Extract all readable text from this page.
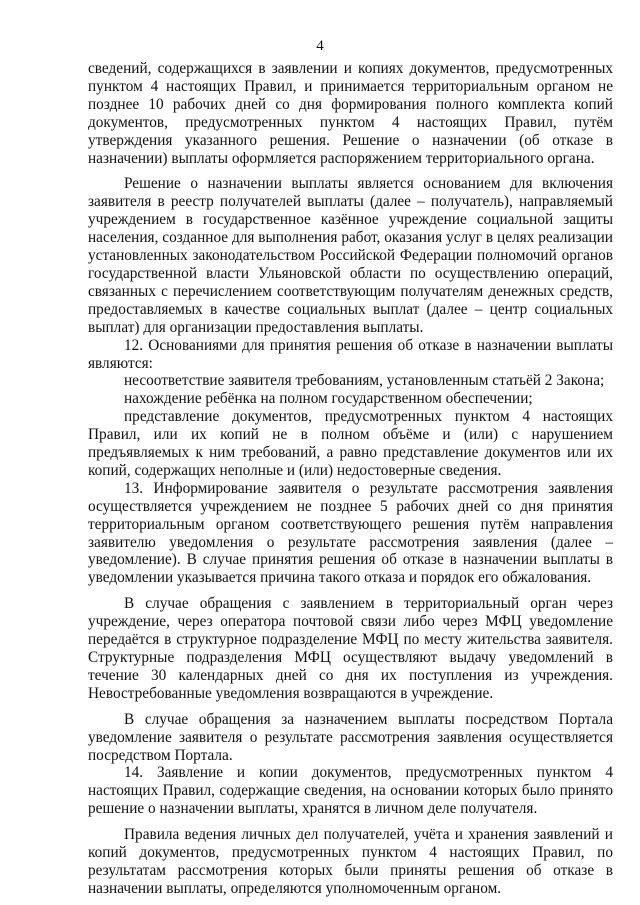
4

сведений, содержащихся в заявлении и копиях документов, предусмотренных пунктом 4 настоящих Правил, и принимается территориальным органом не позднее 10 рабочих дней со дня формирования полного комплекта копий документов, предусмотренных пунктом 4 настоящих Правил, путём утверждения указанного решения. Решение о назначении (об отказе в назначении) выплаты оформляется распоряжением территориального органа.

Решение о назначении выплаты является основанием для включения заявителя в реестр получателей выплаты (далее – получатель), направляемый учреждением в государственное казённое учреждение социальной защиты населения, созданное для выполнения работ, оказания услуг в целях реализации установленных законодательством Российской Федерации полномочий органов государственной власти Ульяновской области по осуществлению операций, связанных с перечислением соответствующим получателям денежных средств, предоставляемых в качестве социальных выплат (далее – центр социальных выплат) для организации предоставления выплаты.

12. Основаниями для принятия решения об отказе в назначении выплаты являются:

несоответствие заявителя требованиям, установленным статьёй 2 Закона;

нахождение ребёнка на полном государственном обеспечении;

представление документов, предусмотренных пунктом 4 настоящих Правил, или их копий не в полном объёме и (или) с нарушением предъявляемых к ним требований, а равно представление документов или их копий, содержащих неполные и (или) недостоверные сведения.

13. Информирование заявителя о результате рассмотрения заявления осуществляется учреждением не позднее 5 рабочих дней со дня принятия территориальным органом соответствующего решения путём направления заявителю уведомления о результате рассмотрения заявления (далее – уведомление). В случае принятия решения об отказе в назначении выплаты в уведомлении указывается причина такого отказа и порядок его обжалования.

В случае обращения с заявлением в территориальный орган через учреждение, через оператора почтовой связи либо через МФЦ уведомление передаётся в структурное подразделение МФЦ по месту жительства заявителя. Структурные подразделения МФЦ осуществляют выдачу уведомлений в течение 30 календарных дней со дня их поступления из учреждения. Невостребованные уведомления возвращаются в учреждение.

В случае обращения за назначением выплаты посредством Портала уведомление заявителя о результате рассмотрения заявления осуществляется посредством Портала.

14. Заявление и копии документов, предусмотренных пунктом 4 настоящих Правил, содержащие сведения, на основании которых было принято решение о назначении выплаты, хранятся в личном деле получателя.

Правила ведения личных дел получателей, учёта и хранения заявлений и копий документов, предусмотренных пунктом 4 настоящих Правил, по результатам рассмотрения которых были приняты решения об отказе в назначении выплаты, определяются уполномоченным органом.
